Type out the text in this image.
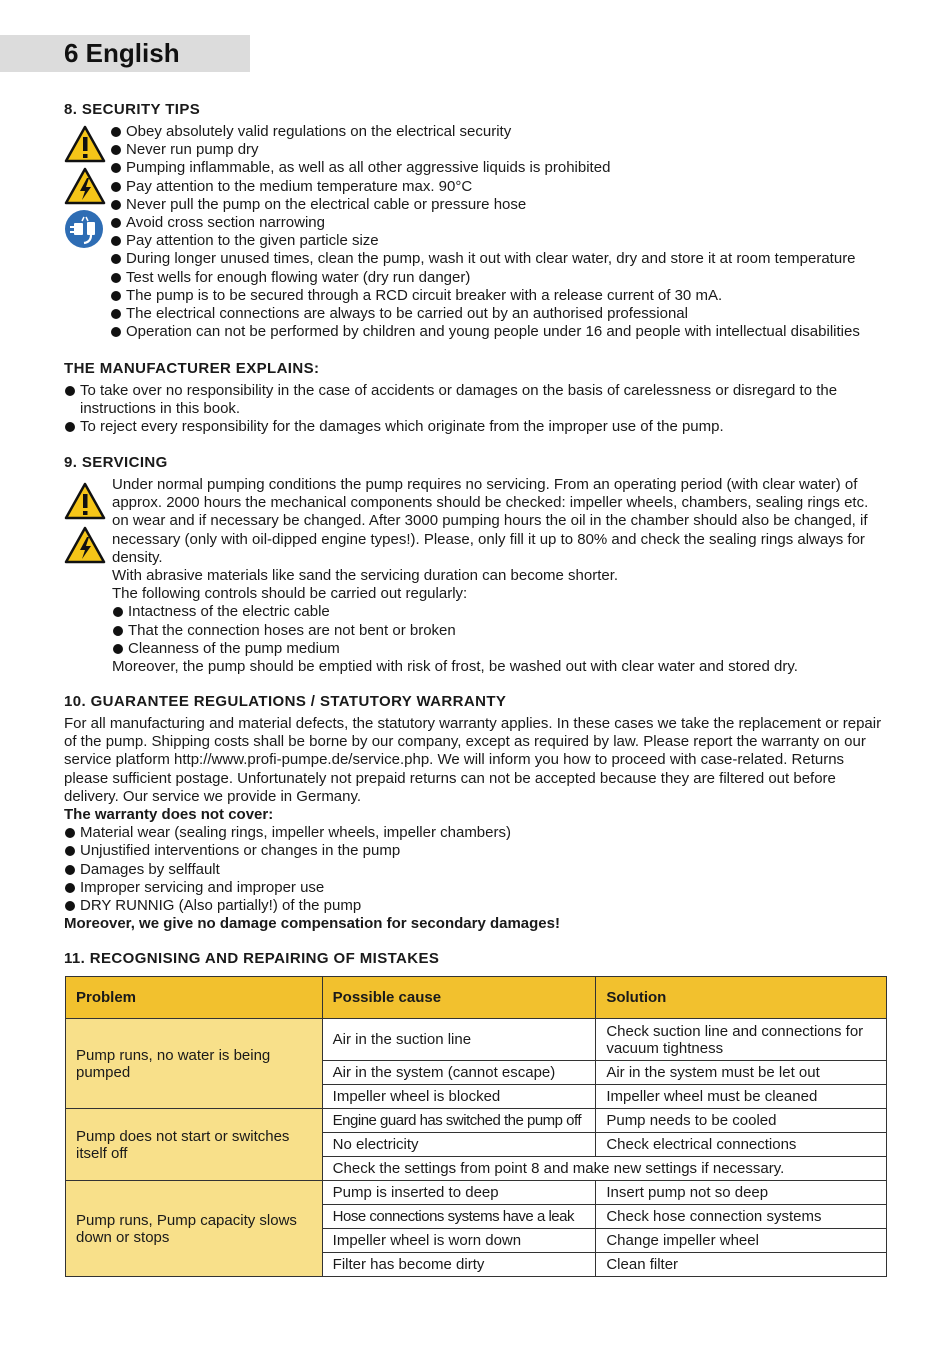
6 English
8. SECURITY TIPS
Obey absolutely valid regulations on the electrical security
Never run pump dry
Pumping inflammable, as well as all other aggressive liquids is prohibited
Pay attention to the medium temperature max. 90°C
Never pull the pump on the electrical cable or pressure hose
Avoid cross section narrowing
Pay attention to the given particle size
During longer unused times, clean the pump, wash it out with clear water, dry and store it at room temperature
Test wells for enough flowing water (dry run danger)
The pump is to be secured through a RCD circuit breaker with a release current of 30 mA.
The electrical connections are always to be carried out by an authorised professional
Operation can not be performed by children and young people under 16 and people with intellectual disabilities
THE MANUFACTURER EXPLAINS:
To take over no responsibility in the case of accidents or damages on the basis of carelessness or disregard to the instructions in this book.
To reject every responsibility for the damages which originate from the improper use of the pump.
9. SERVICING
Under normal pumping conditions the pump requires no servicing. From an operating period (with clear water) of approx. 2000 hours the mechanical components should be checked: impeller wheels, chambers, sealing rings etc. on wear and if necessary be changed. After 3000 pumping hours the oil in the chamber should also be changed, if necessary (only with oil-dipped engine types!). Please, only fill it up to 80% and check the sealing rings always for density.
With abrasive materials like sand the servicing duration can become shorter.
The following controls should be carried out regularly:
Intactness of the electric cable
That the connection hoses are not bent or broken
Cleanness of the pump medium
Moreover, the pump should be emptied with risk of frost, be washed out with clear water and stored dry.
10. GUARANTEE REGULATIONS / STATUTORY WARRANTY
For all manufacturing and material defects, the statutory warranty applies. In these cases we take the replacement or repair of the pump. Shipping costs shall be borne by our company, except as required by law. Please report the warranty on our service platform http://www.profi-pumpe.de/service.php. We will inform you how to proceed with case-related. Returns please sufficient postage. Unfortunately not prepaid returns can not be accepted because they are filtered out before delivery. Our service we provide in Germany.
The warranty does not cover:
Material wear (sealing rings, impeller wheels, impeller chambers)
Unjustified interventions or changes in the pump
Damages by selffault
Improper servicing and improper use
DRY RUNNIG (Also partially!) of the pump
Moreover, we give no damage compensation for secondary damages!
11. RECOGNISING AND REPAIRING OF MISTAKES
Problem	Possible cause	Solution
Pump runs, no water is being pumped	Air in the suction line	Check suction line and connections for vacuum tightness
	Air in the system (cannot escape)	Air in the system must be let out
	Impeller wheel is blocked	Impeller wheel must be cleaned
Pump does not start or switches itself off	Engine guard has switched the pump off	Pump needs to be cooled
	No electricity	Check electrical connections
	Check the settings from point 8 and make new settings if necessary.	
Pump runs, Pump capacity slows down or stops	Pump is inserted to deep	Insert pump not so deep
	Hose connections systems have a leak	Check hose connection systems
	Impeller wheel is worn down	Change impeller wheel
	Filter has become dirty	Clean filter
